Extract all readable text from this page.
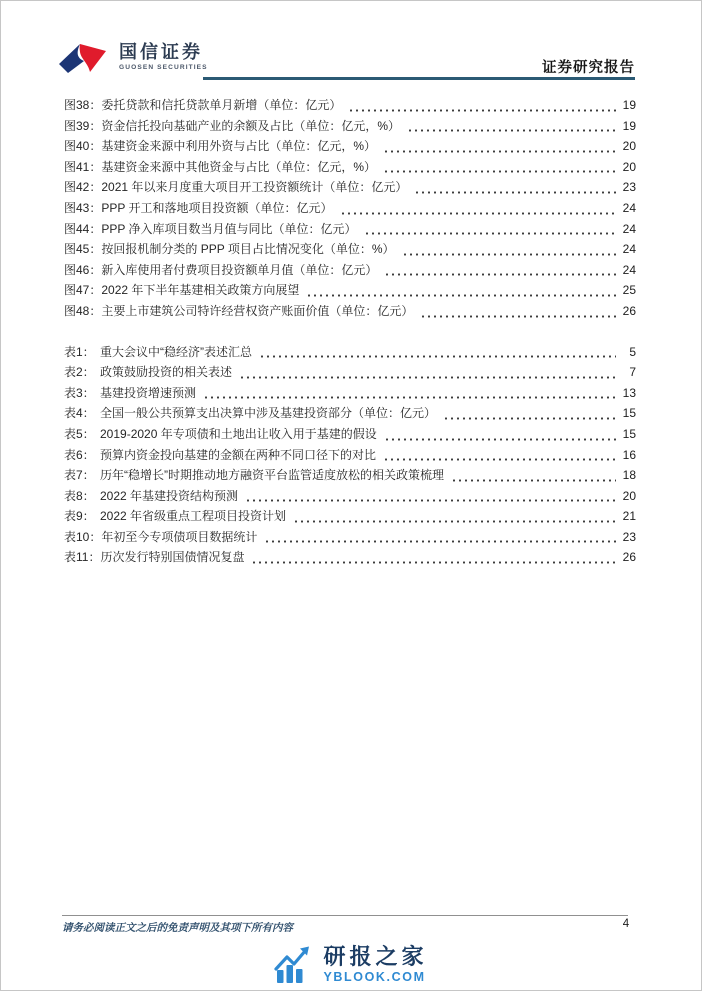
国信证券
GUOSEN SECURITIES	证券研究报告
图38： 委托贷款和信托贷款单月新增（单位：亿元）	19
图39： 资金信托投向基础产业的余额及占比（单位：亿元，%）	19
图40： 基建资金来源中利用外资与占比（单位：亿元，%）	20
图41： 基建资金来源中其他资金与占比（单位：亿元，%）	20
图42： 2021 年以来月度重大项目开工投资额统计（单位：亿元）	23
图43： PPP 开工和落地项目投资额（单位：亿元）	24
图44： PPP 净入库项目数当月值与同比（单位：亿元）	24
图45： 按回报机制分类的 PPP 项目占比情况变化（单位：%）	24
图46： 新入库使用者付费项目投资额单月值（单位：亿元）	24
图47： 2022 年下半年基建相关政策方向展望	25
图48： 主要上市建筑公司特许经营权资产账面价值（单位：亿元）	26
表1： 重大会议中“稳经济”表述汇总	5
表2： 政策鼓励投资的相关表述	7
表3： 基建投资增速预测	13
表4： 全国一般公共预算支出决算中涉及基建投资部分（单位：亿元）	15
表5： 2019-2020 年专项债和土地出让收入用于基建的假设	15
表6： 预算内资金投向基建的金额在两种不同口径下的对比	16
表7： 历年“稳增长”时期推动地方融资平台监管适度放松的相关政策梳理	18
表8： 2022 年基建投资结构预测	20
表9： 2022 年省级重点工程项目投资计划	21
表10： 年初至今专项债项目数据统计	23
表11： 历次发行特别国债情况复盘	26
请务必阅读正文之后的免责声明及其项下所有内容	4
研报之家
YBLOOK.COM
